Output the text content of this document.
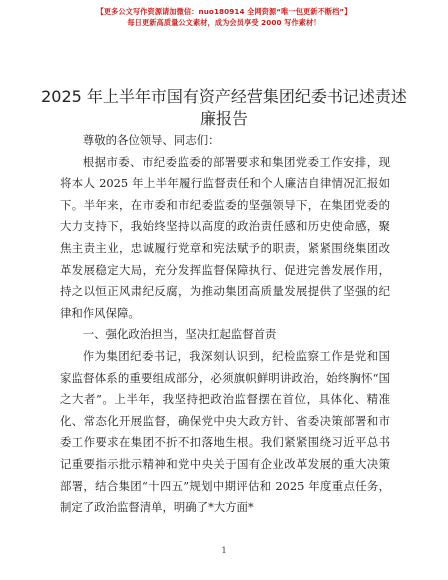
【更多公文写作资源请加微信：nuo180914 全网资源“唯一包更新不断档”】
每日更新高质量公文素材，成为会员享受 2000 写作素材！
2025 年上半年市国有资产经营集团纪委书记述责述廉报告

尊敬的各位领导、同志们：

根据市委、市纪委监委的部署要求和集团党委工作安排，现将本人 2025 年上半年履行监督责任和个人廉洁自律情况汇报如下。半年来，在市委和市纪委监委的坚强领导下，在集团党委的大力支持下，我始终坚持以高度的政治责任感和历史使命感，聚焦主责主业，忠诚履行党章和宪法赋予的职责，紧紧围绕集团改革发展稳定大局，充分发挥监督保障执行、促进完善发展作用，持之以恒正风肃纪反腐，为推动集团高质量发展提供了坚强的纪律和作风保障。

一、强化政治担当，坚决扛起监督首责

作为集团纪委书记，我深刻认识到，纪检监察工作是党和国家监督体系的重要组成部分，必须旗帜鲜明讲政治，始终胸怀“国之大者”。上半年，我坚持把政治监督摆在首位，具体化、精准化、常态化开展监督，确保党中央大政方针、省委决策部署和市委工作要求在集团不折不扣落地生根。我们紧紧围绕习近平总书记重要指示批示精神和党中央关于国有企业改革发展的重大决策部署，结合集团“十四五”规划中期评估和 2025 年度重点任务，制定了政治监督清单，明确了*大方面*

1
